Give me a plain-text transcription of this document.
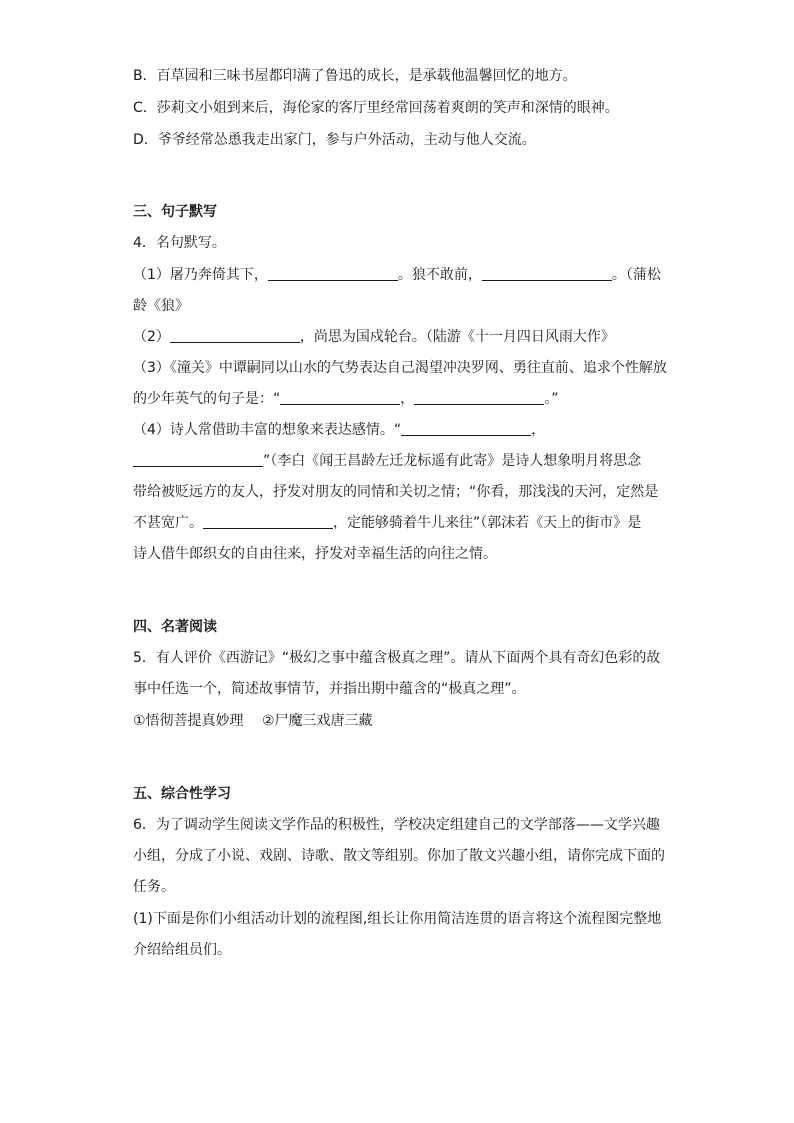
B．百草园和三味书屋都印满了鲁迅的成长，是承载他温馨回忆的地方。
C．莎莉文小姐到来后，海伦家的客厅里经常回荡着爽朗的笑声和深情的眼神。
D．爷爷经常怂恿我走出家门，参与户外活动，主动与他人交流。
三、句子默写
4．名句默写。
（1）屠乃奔倚其下，	。狼不敢前，	。（蒲松
龄《狼》
（2）	，尚思为国戍轮台。（陆游《十一月四日风雨大作》
（3）《潼关》中谭嗣同以山水的气势表达自己渴望冲决罗网、勇往直前、追求个性解放
的少年英气的句子是：“	，	。”
（4）诗人常借助丰富的想象来表达感情。“	，
”（李白《闻王昌龄左迁龙标遥有此寄》是诗人想象明月将思念
带给被贬远方的友人，抒发对朋友的同情和关切之情；“你看，那浅浅的天河，定然是
不甚宽广。	，定能够骑着牛儿来往”（郭沫若《天上的街市》是
诗人借牛郎织女的自由往来，抒发对幸福生活的向往之情。
四、名著阅读
5．有人评价《西游记》“极幻之事中蕴含极真之理”。请从下面两个具有奇幻色彩的故
事中任选一个，简述故事情节，并指出期中蕴含的“极真之理”。
①悟彻菩提真妙理　 ②尸魔三戏唐三藏
五、综合性学习
6．为了调动学生阅读文学作品的积极性，学校决定组建自己的文学部落——文学兴趣
小组，分成了小说、戏剧、诗歌、散文等组别。你加了散文兴趣小组，请你完成下面的
任务。
(1)下面是你们小组活动计划的流程图,组长让你用简洁连贯的语言将这个流程图完整地
介绍给组员们。
